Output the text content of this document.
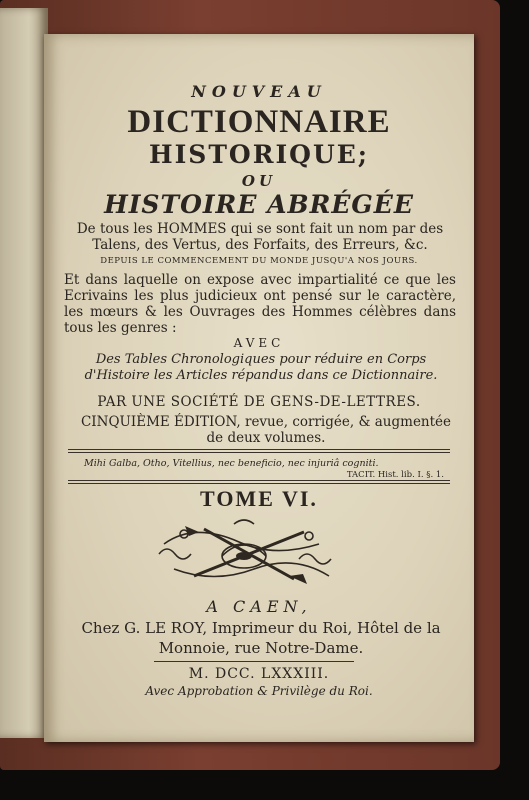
NOUVEAU
DICTIONNAIRE
HISTORIQUE;
OU
HISTOIRE ABRÉGÉE
De tous les HOMMES qui se sont fait un nom par des Talens, des Vertus, des Forfaits, des Erreurs, &c.
DEPUIS LE COMMENCEMENT DU MONDE JUSQU'A NOS JOURS.
Et dans laquelle on expose avec impartialité ce que les Ecrivains les plus judicieux ont pensé sur le caractère, les mœurs & les Ouvrages des Hommes célèbres dans tous les genres :
AVEC
Des Tables Chronologiques pour réduire en Corps d'Histoire les Articles répandus dans ce Dictionnaire.
PAR UNE SOCIÉTÉ DE GENS-DE-LETTRES.
CINQUIÈME ÉDITION, revue, corrigée, & augmentée de deux volumes.
Mihi Galba, Otho, Vitellius, nec beneficio, nec injuriâ cogniti.
TACIT. Hist. lib. I. §. 1.
TOME VI.
A CAEN,
Chez G. LE ROY, Imprimeur du Roi, Hôtel de la Monnoie, rue Notre-Dame.
M. DCC. LXXXIII.
Avec Approbation & Privilège du Roi.
